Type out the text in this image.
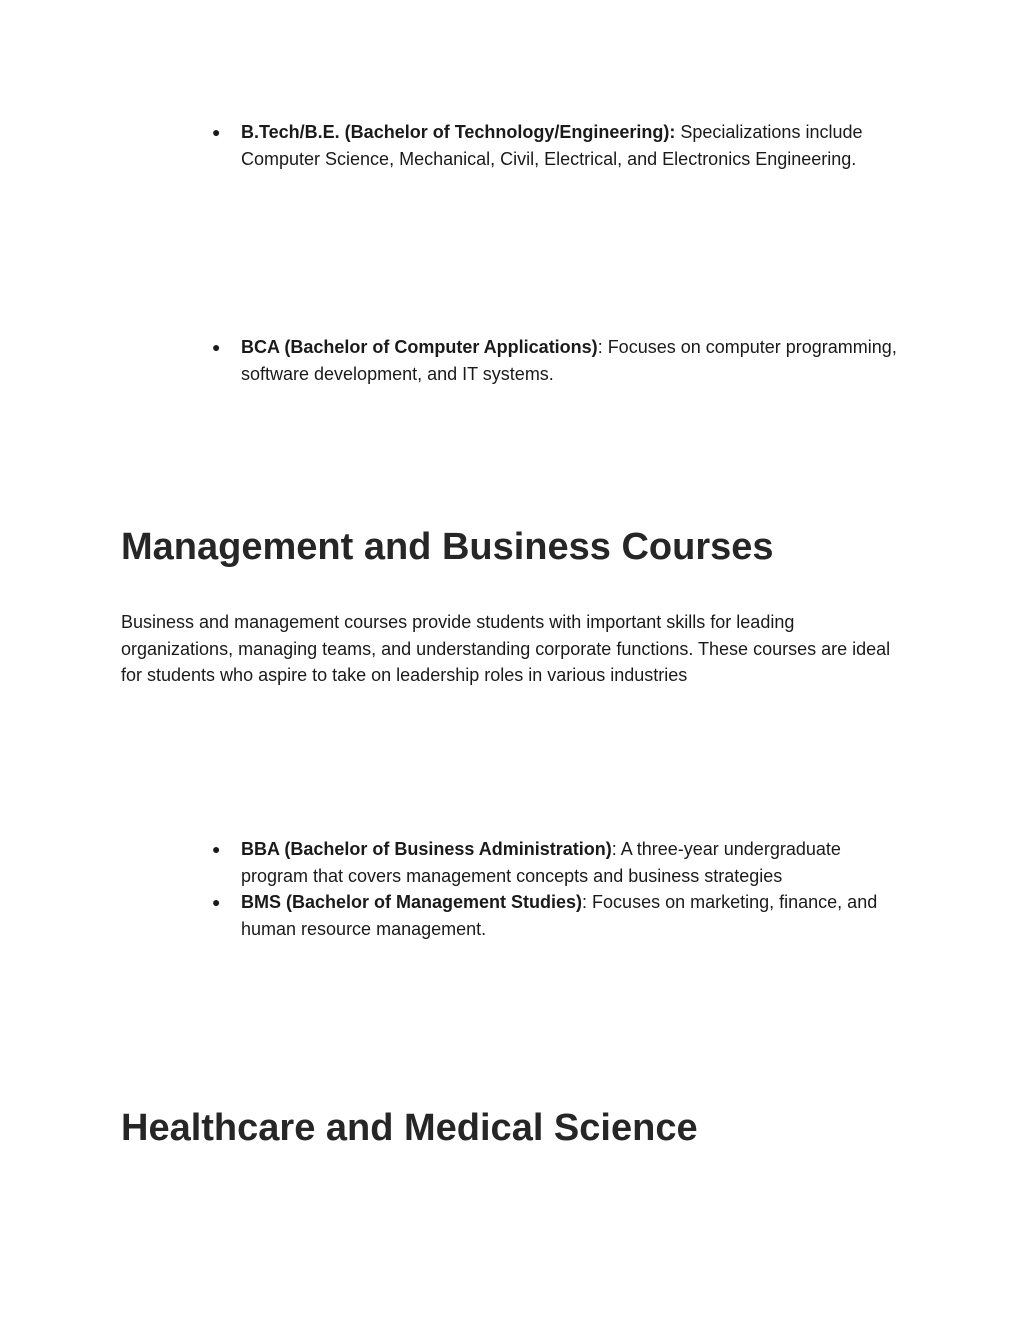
● B.Tech/B.E. (Bachelor of Technology/Engineering): Specializations include Computer Science, Mechanical, Civil, Electrical, and Electronics Engineering.
● BCA (Bachelor of Computer Applications): Focuses on computer programming, software development, and IT systems.
Management and Business Courses

Business and management courses provide students with important skills for leading organizations, managing teams, and understanding corporate functions. These courses are ideal for students who aspire to take on leadership roles in various industries

● BBA (Bachelor of Business Administration): A three-year undergraduate program that covers management concepts and business strategies
● BMS (Bachelor of Management Studies): Focuses on marketing, finance, and human resource management.
Healthcare and Medical Science
